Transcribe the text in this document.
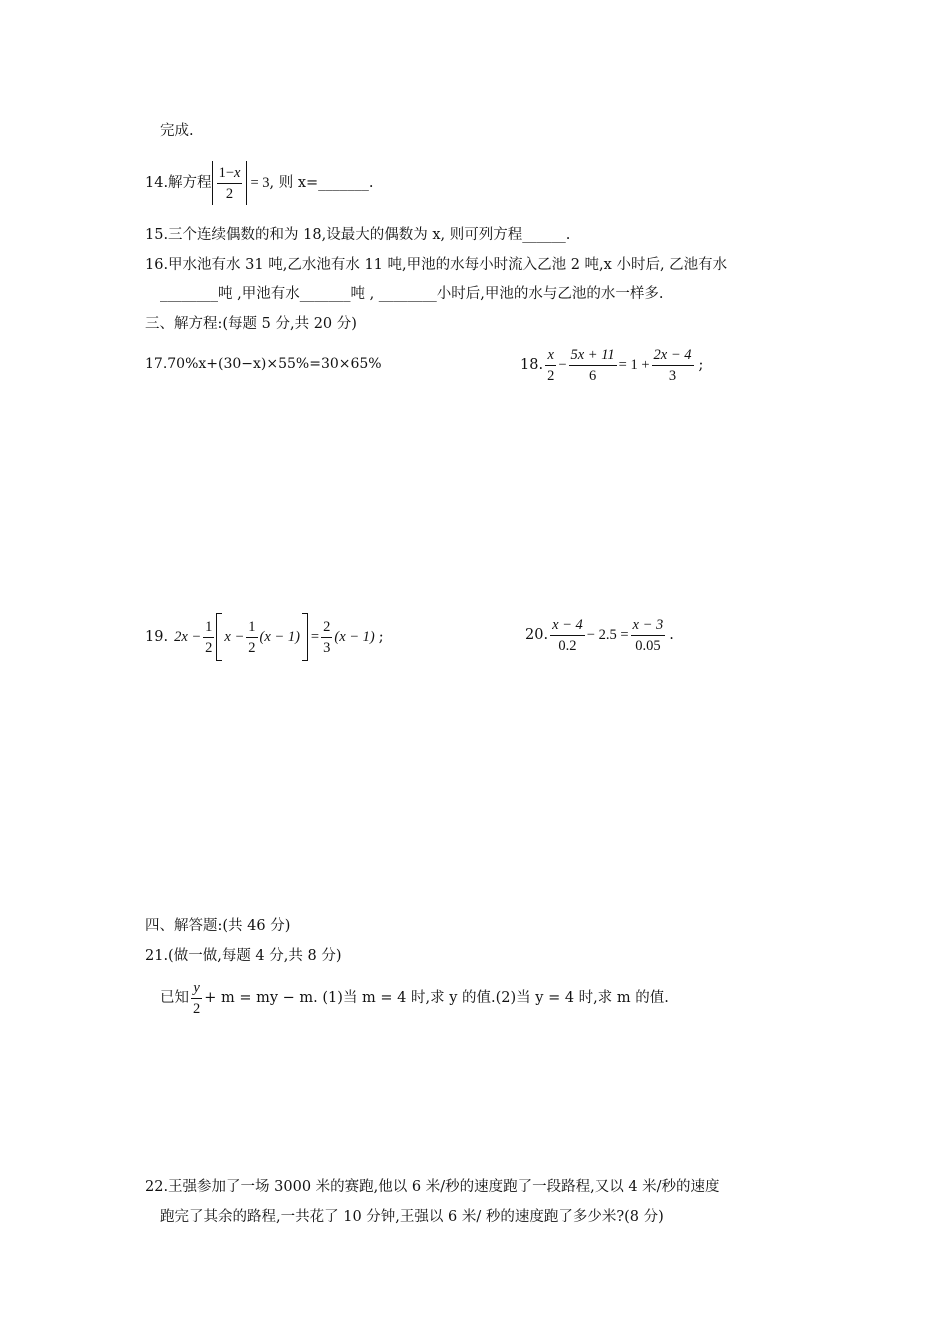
完成.
14.解方程 $\frac{1-x}{2} = 3$ , 则 x=_______.
15.三个连续偶数的和为 18,设最大的偶数为 x, 则可列方程______.
16.甲水池有水 31 吨,乙水池有水 11 吨,甲池的水每小时流入乙池 2 吨,x 小时后, 乙池有水
________吨 ,甲池有水_______吨 , ________小时后,甲池的水与乙池的水一样多.
三、解方程:(每题 5 分,共 20 分)
17.70%x+(30−x)×55%=30×65%	18. $\frac{x}{2} - \frac{5x + 11}{6} = 1 + \frac{2x - 4}{3}$ ;
19. $2x - \frac{1}{2}$ $x - \frac{1}{2} (x - 1) = \frac{2}{3} (x - 1)$ ;	20. $\frac{x - 4}{0.2} - 2.5 = \frac{x - 3}{0.05}$ .
四、解答题:(共 46 分)
21.(做一做,每题 4 分,共 8 分)
已知 $\frac{y}{2} + m$ = my − m. (1)当 m = 4 时,求 y 的值.(2)当 y = 4 时,求 m 的值.
22.王强参加了一场 3000 米的赛跑,他以 6 米/秒的速度跑了一段路程,又以 4 米/秒的速度
跑完了其余的路程,一共花了 10 分钟,王强以 6 米/ 秒的速度跑了多少米?(8 分)
